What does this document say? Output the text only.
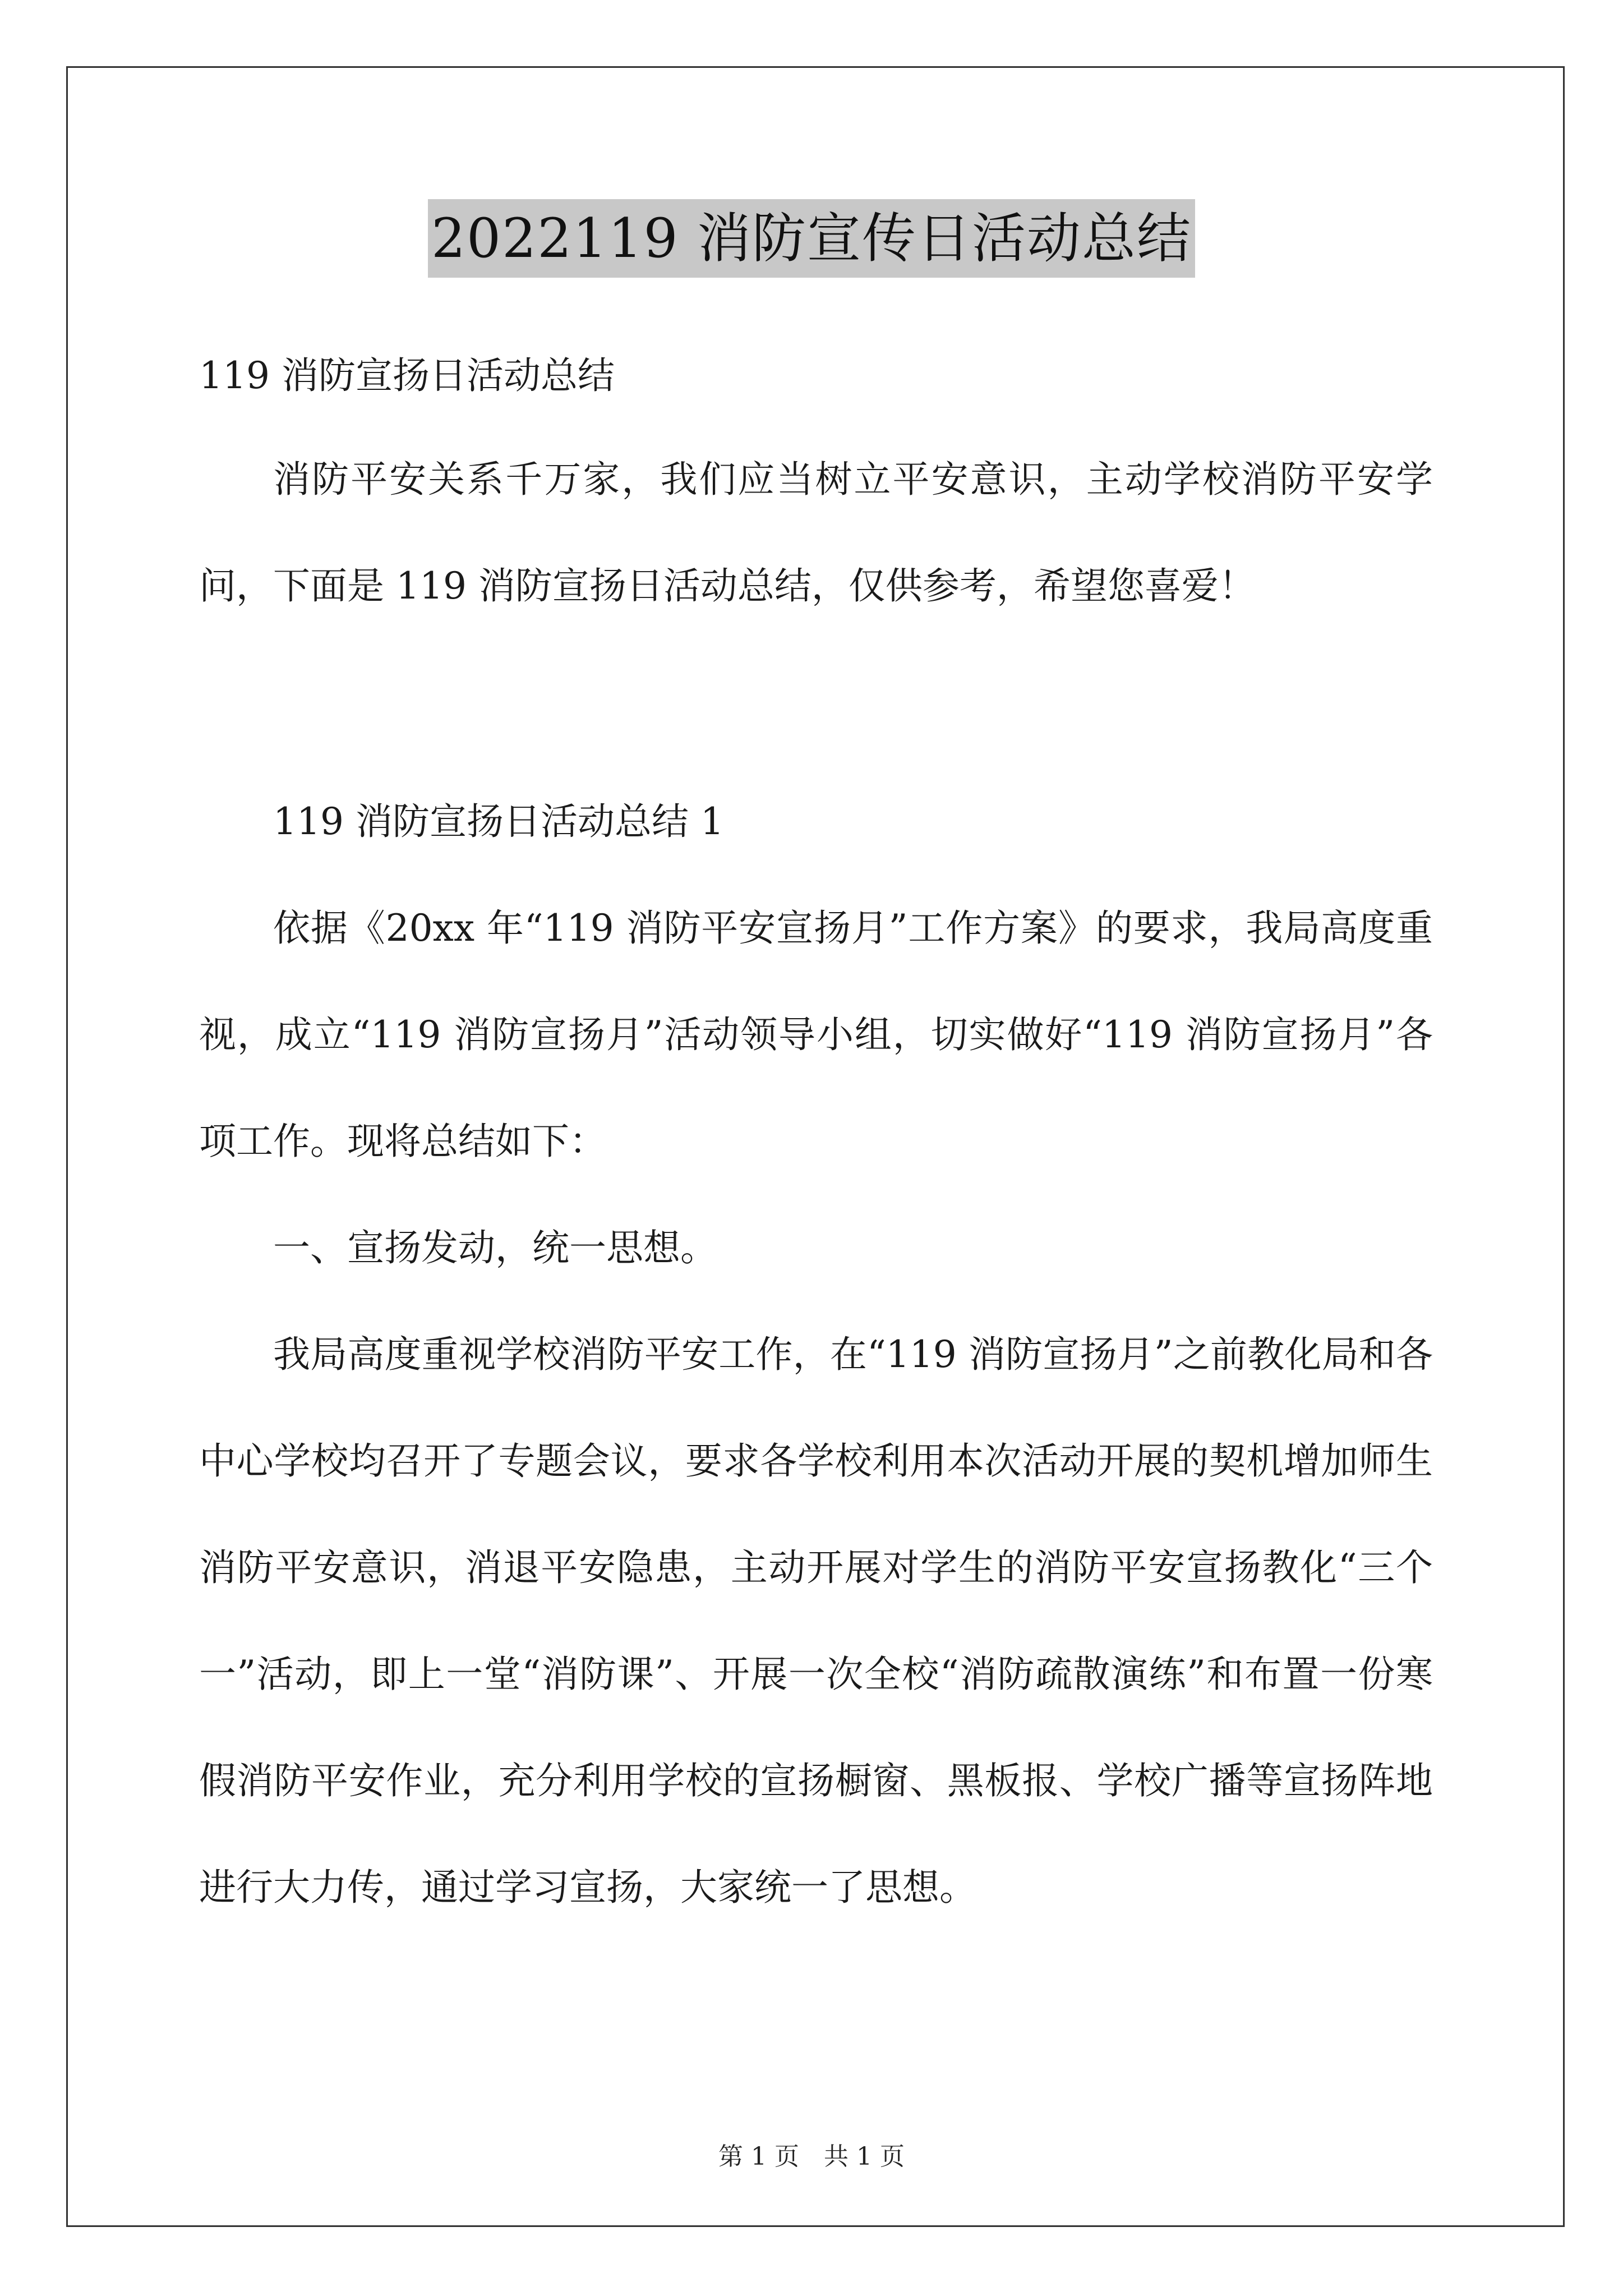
2022119 消防宣传日活动总结
119 消防宣扬日活动总结

消防平安关系千万家，我们应当树立平安意识，主动学校消防平安学问，下面是 119 消防宣扬日活动总结，仅供参考，希望您喜爱！

119 消防宣扬日活动总结 1

依据《20xx 年“119 消防平安宣扬月”工作方案》的要求，我局高度重视，成立“119 消防宣扬月”活动领导小组，切实做好“119 消防宣扬月”各项工作。现将总结如下：

一、宣扬发动，统一思想。

我局高度重视学校消防平安工作，在“119 消防宣扬月”之前教化局和各中心学校均召开了专题会议，要求各学校利用本次活动开展的契机增加师生消防平安意识，消退平安隐患，主动开展对学生的消防平安宣扬教化“三个一”活动，即上一堂“消防课”、开展一次全校“消防疏散演练”和布置一份寒假消防平安作业，充分利用学校的宣扬橱窗、黑板报、学校广播等宣扬阵地进行大力传，通过学习宣扬，大家统一了思想。

第 1 页　共 1 页
